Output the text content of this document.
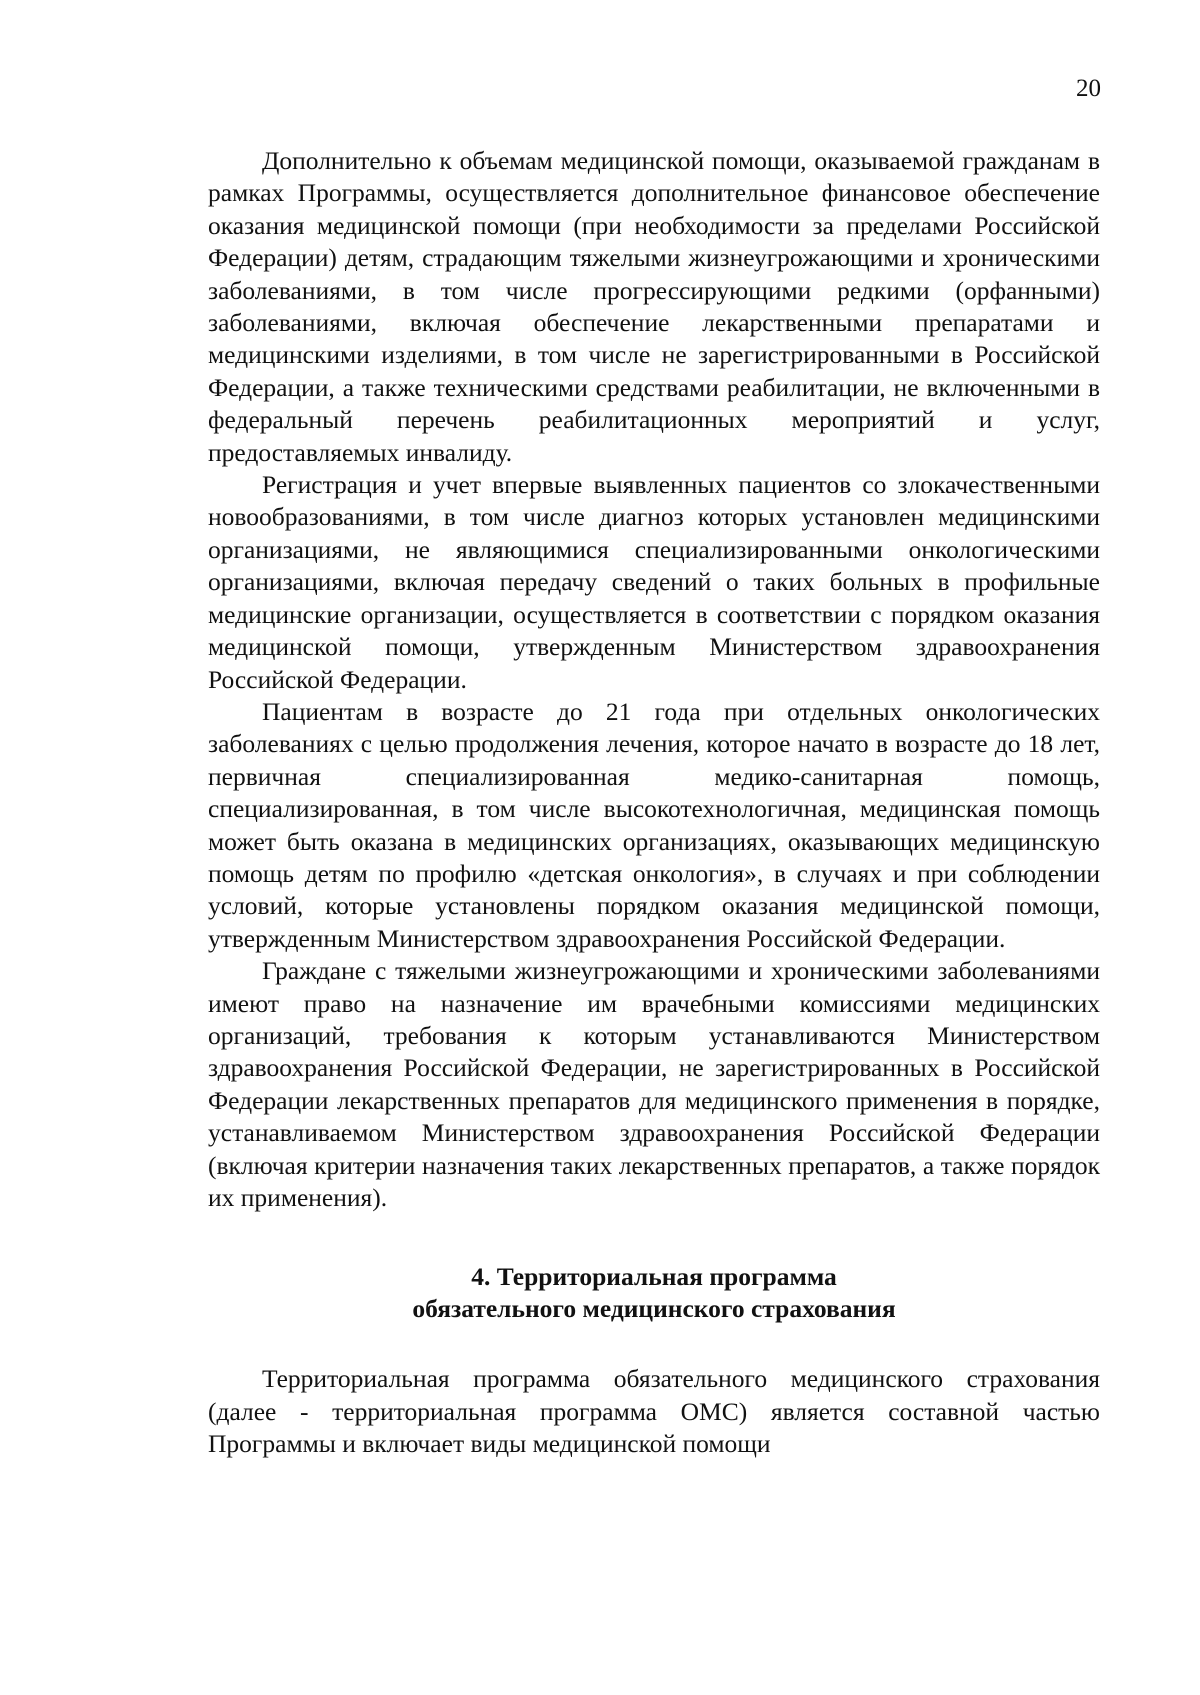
20

Дополнительно к объемам медицинской помощи, оказываемой гражданам в рамках Программы, осуществляется дополнительное финансовое обеспечение оказания медицинской помощи (при необходимости за пределами Российской Федерации) детям, страдающим тяжелыми жизнеугрожающими и хроническими заболеваниями, в том числе прогрессирующими редкими (орфанными) заболеваниями, включая обеспечение лекарственными препаратами и медицинскими изделиями, в том числе не зарегистрированными в Российской Федерации, а также техническими средствами реабилитации, не включенными в федеральный перечень реабилитационных мероприятий и услуг, предоставляемых инвалиду.

Регистрация и учет впервые выявленных пациентов со злокачественными новообразованиями, в том числе диагноз которых установлен медицинскими организациями, не являющимися специализированными онкологическими организациями, включая передачу сведений о таких больных в профильные медицинские организации, осуществляется в соответствии с порядком оказания медицинской помощи, утвержденным Министерством здравоохранения Российской Федерации.

Пациентам в возрасте до 21 года при отдельных онкологических заболеваниях с целью продолжения лечения, которое начато в возрасте до 18 лет, первичная специализированная медико-санитарная помощь, специализированная, в том числе высокотехнологичная, медицинская помощь может быть оказана в медицинских организациях, оказывающих медицинскую помощь детям по профилю «детская онкология», в случаях и при соблюдении условий, которые установлены порядком оказания медицинской помощи, утвержденным Министерством здравоохранения Российской Федерации.

Граждане с тяжелыми жизнеугрожающими и хроническими заболеваниями имеют право на назначение им врачебными комиссиями медицинских организаций, требования к которым устанавливаются Министерством здравоохранения Российской Федерации, не зарегистрированных в Российской Федерации лекарственных препаратов для медицинского применения в порядке, устанавливаемом Министерством здравоохранения Российской Федерации (включая критерии назначения таких лекарственных препаратов, а также порядок их применения).

4. Территориальная программа
обязательного медицинского страхования

Территориальная программа обязательного медицинского страхования (далее - территориальная программа ОМС) является составной частью Программы и включает виды медицинской помощи
